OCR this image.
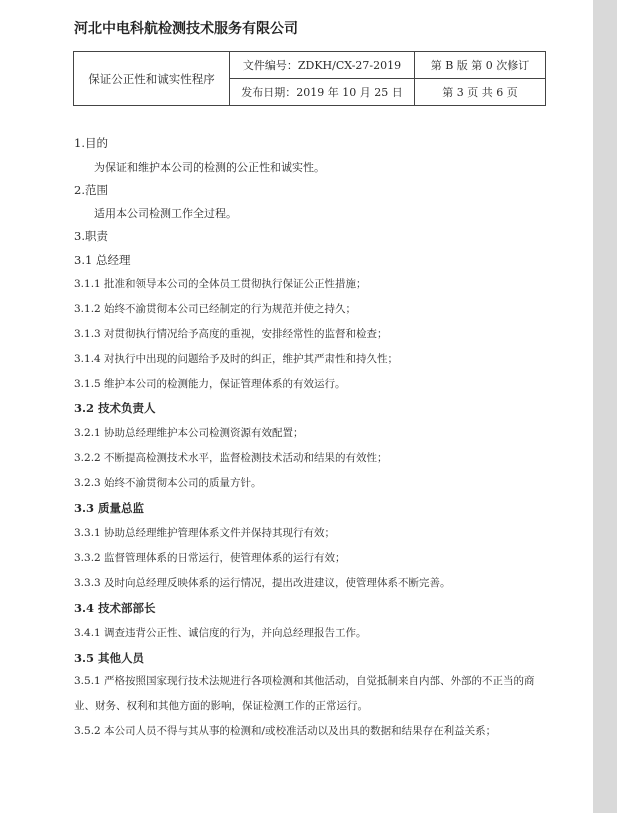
河北中电科航检测技术服务有限公司
保证公正性和诚实性程序	文件编号：ZDKH/CX-27-2019	第 B 版 第 0 次修订
	发布日期：2019 年 10 月 25 日	第 3 页 共 6 页
1.目的
为保证和维护本公司的检测的公正性和诚实性。
2.范围
适用本公司检测工作全过程。
3.职责
3.1 总经理
3.1.1 批准和领导本公司的全体员工贯彻执行保证公正性措施；
3.1.2 始终不渝贯彻本公司已经制定的行为规范并使之持久；
3.1.3 对贯彻执行情况给予高度的重视，安排经常性的监督和检查；
3.1.4 对执行中出现的问题给予及时的纠正，维护其严肃性和持久性；
3.1.5 维护本公司的检测能力，保证管理体系的有效运行。
3.2 技术负责人
3.2.1 协助总经理维护本公司检测资源有效配置；
3.2.2 不断提高检测技术水平，监督检测技术活动和结果的有效性；
3.2.3 始终不渝贯彻本公司的质量方针。
3.3 质量总监
3.3.1 协助总经理维护管理体系文件并保持其现行有效；
3.3.2 监督管理体系的日常运行，使管理体系的运行有效；
3.3.3 及时向总经理反映体系的运行情况，提出改进建议，使管理体系不断完善。
3.4 技术部部长
3.4.1 调查违背公正性、诚信度的行为，并向总经理报告工作。
3.5 其他人员
3.5.1 严格按照国家现行技术法规进行各项检测和其他活动，自觉抵制来自内部、外部的不正当的商业、财务、权利和其他方面的影响，保证检测工作的正常运行。
3.5.2 本公司人员不得与其从事的检测和/或校准活动以及出具的数据和结果存在利益关系；
